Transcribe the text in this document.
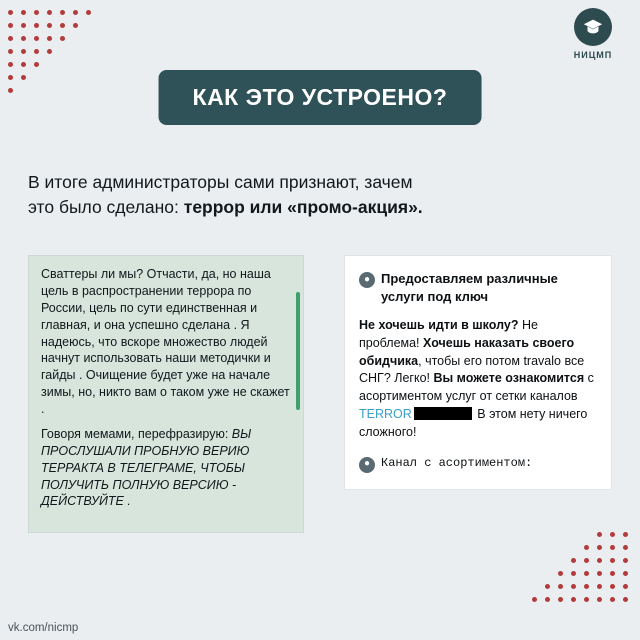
НИЦМП
КАК ЭТО УСТРОЕНО?
В итоге администраторы сами признают, зачем
это было сделано: террор или «промо-акция».

Сваттеры ли мы? Отчасти, да, но наша цель в распространении террора по России, цель по сути единственная и главная, и она успешно сделана . Я надеюсь, что вскоре множество людей начнут использовать наши методички и гайды . Очищение будет уже на начале зимы, но, никто вам о таком уже не скажет .

Говоря мемами, перефразирую: ВЫ ПРОСЛУШАЛИ ПРОБНУЮ ВЕРИЮ ТЕРРАКТА В ТЕЛЕГРАМЕ, ЧТОБЫ ПОЛУЧИТЬ ПОЛНУЮ ВЕРСИЮ - ДЕЙСТВУЙТЕ .

● Предоставляем различные услуги под ключ
Не хочешь идти в школу? Не проблема! Хочешь наказать своего обидчика, чтобы его потом travalo все СНГ? Легко! Вы можете ознакомится с асортиментом услуг от сетки каналов TERROR	В этом нету ничего сложного!
● Канал с асортиментом:
vk.com/nicmp
